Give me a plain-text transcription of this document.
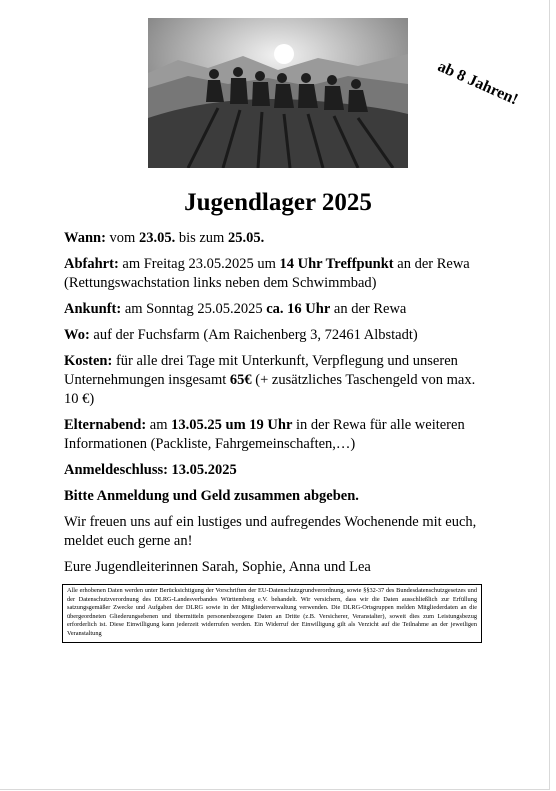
ab 8 Jahren!
Jugendlager 2025

Wann: vom 23.05. bis zum 25.05.

Abfahrt: am Freitag 23.05.2025 um 14 Uhr Treffpunkt an der Rewa (Rettungswachstation links neben dem Schwimmbad)

Ankunft: am Sonntag 25.05.2025 ca. 16 Uhr an der Rewa

Wo: auf der Fuchsfarm (Am Raichenberg 3, 72461 Albstadt)

Kosten: für alle drei Tage mit Unterkunft, Verpflegung und unseren Unternehmungen insgesamt 65€ (+ zusätzliches Taschengeld von max. 10 €)

Elternabend: am 13.05.25 um 19 Uhr in der Rewa für alle weiteren Informationen (Packliste, Fahrgemeinschaften,…)

Anmeldeschluss: 13.05.2025

Bitte Anmeldung und Geld zusammen abgeben.

Wir freuen uns auf ein lustiges und aufregendes Wochenende mit euch, meldet euch gerne an!

Eure Jugendleiterinnen Sarah, Sophie, Anna und Lea

Alle erhobenen Daten werden unter Berücksichtigung der Vorschriften der EU-Datenschutzgrundverordnung, sowie §§32-37 des Bundesdatenschutzgesetzes und der Datenschutzverordnung des DLRG-Landesverbandes Württemberg e.V. behandelt. Wir versichern, dass wir die Daten ausschließlich zur Erfüllung satzungsgemäßer Zwecke und Aufgaben der DLRG sowie in der Mitgliederverwaltung verwenden. Die DLRG-Ortsgruppen melden Mitgliederdaten an die übergeordneten Gliederungsebenen und übermitteln personenbezogene Daten an Dritte (z.B. Versicherer, Veranstalter), soweit dies zum Leistungsbezug erforderlich ist. Diese Einwilligung kann jederzeit widerrufen werden. Ein Widerruf der Einwilligung gilt als Verzicht auf die Teilnahme an der jeweiligen Veranstaltung
